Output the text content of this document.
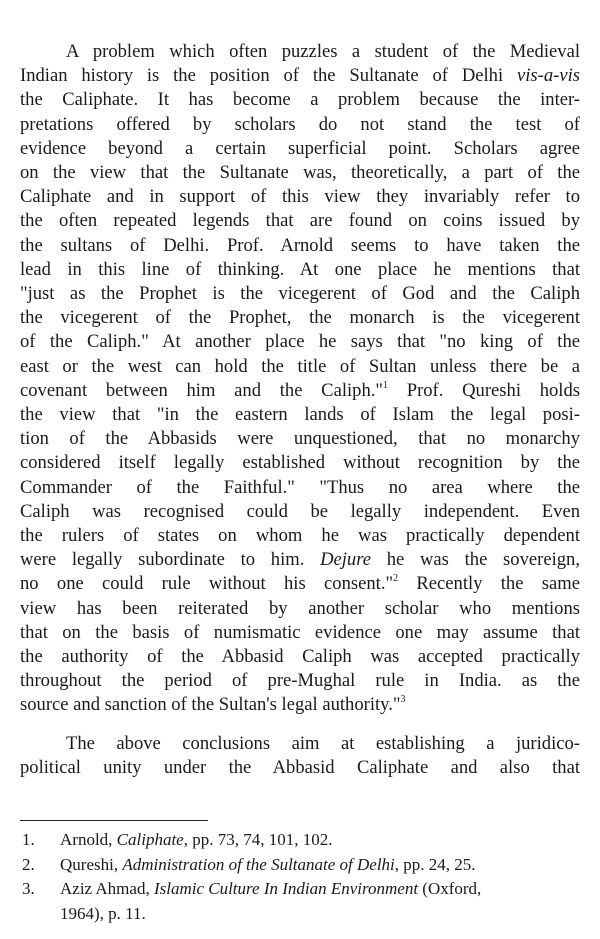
A problem which often puzzles a student of the Medieval
Indian history is the position of the Sultanate of Delhi vis-a-vis
the Caliphate. It has become a problem because the inter-
pretations offered by scholars do not stand the test of
evidence beyond a certain superficial point. Scholars agree
on the view that the Sultanate was, theoretically, a part of the
Caliphate and in support of this view they invariably refer to
the often repeated legends that are found on coins issued by
the sultans of Delhi. Prof. Arnold seems to have taken the
lead in this line of thinking. At one place he mentions that
"just as the Prophet is the vicegerent of God and the Caliph
the vicegerent of the Prophet, the monarch is the vicegerent
of the Caliph." At another place he says that "no king of the
east or the west can hold the title of Sultan unless there be a
covenant between him and the Caliph."$^1$ Prof. Qureshi holds
the view that "in the eastern lands of Islam the legal posi-
tion of the Abbasids were unquestioned, that no monarchy
considered itself legally established without recognition by the
Commander of the Faithful." "Thus no area where the
Caliph was recognised could be legally independent. Even
the rulers of states on whom he was practically dependent
were legally subordinate to him. Dejure he was the sovereign,
no one could rule without his consent."$^2$ Recently the same
view has been reiterated by another scholar who mentions
that on the basis of numismatic evidence one may assume that
the authority of the Abbasid Caliph was accepted practically
throughout the period of pre-Mughal rule in India. as the
source and sanction of the Sultan's legal authority."$^3$
The above conclusions aim at establishing a juridico-
political unity under the Abbasid Caliphate and also that
1.	Arnold, Caliphate, pp. 73, 74, 101, 102.
2.	Qureshi, Administration of the Sultanate of Delhi, pp. 24, 25.
3.	Aziz Ahmad, Islamic Culture In Indian Environment (Oxford,
1964), p. 11.
